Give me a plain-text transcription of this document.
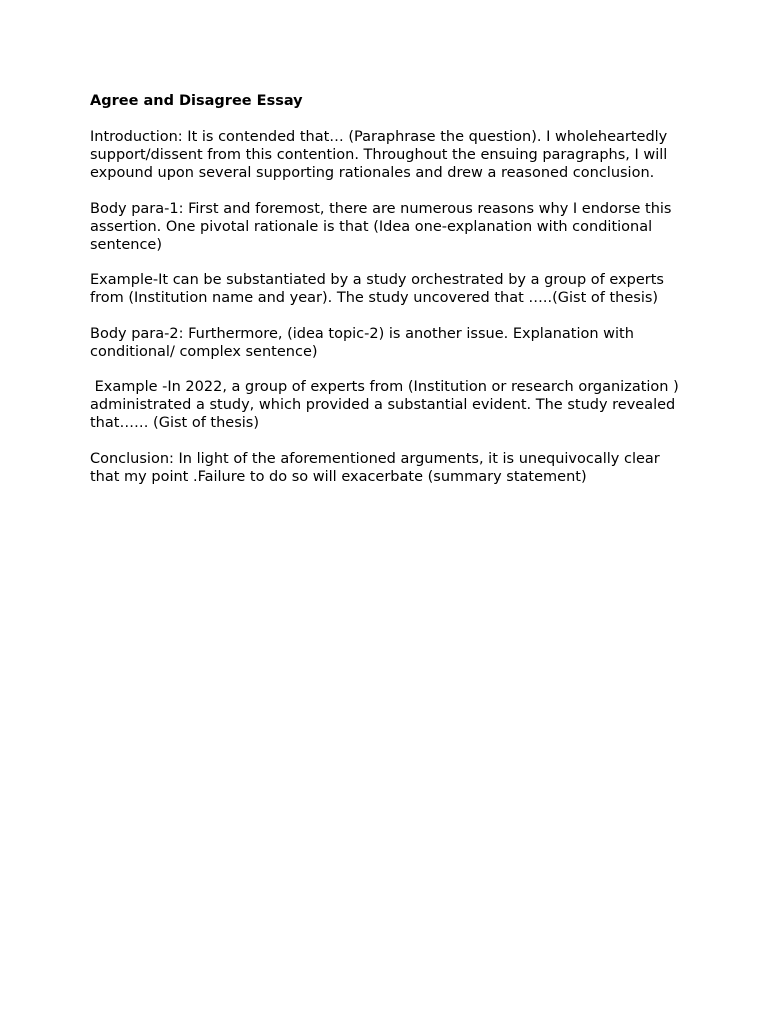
Agree and Disagree Essay

Introduction: It is contended that… (Paraphrase the question). I wholeheartedly support/dissent from this contention. Throughout the ensuing paragraphs, I will expound upon several supporting rationales and drew a reasoned conclusion.

Body para-1: First and foremost, there are numerous reasons why I endorse this assertion. One pivotal rationale is that (Idea one-explanation with conditional sentence)

Example-It can be substantiated by a study orchestrated by a group of experts from (Institution name and year). The study uncovered that …..(Gist of thesis)

Body para-2: Furthermore, (idea topic-2) is another issue. Explanation with conditional/ complex sentence)

Example -In 2022, a group of experts from (Institution or research organization ) administrated a study, which provided a substantial evident. The study revealed that…… (Gist of thesis)

Conclusion: In light of the aforementioned arguments, it is unequivocally clear that my point .Failure to do so will exacerbate (summary statement)
